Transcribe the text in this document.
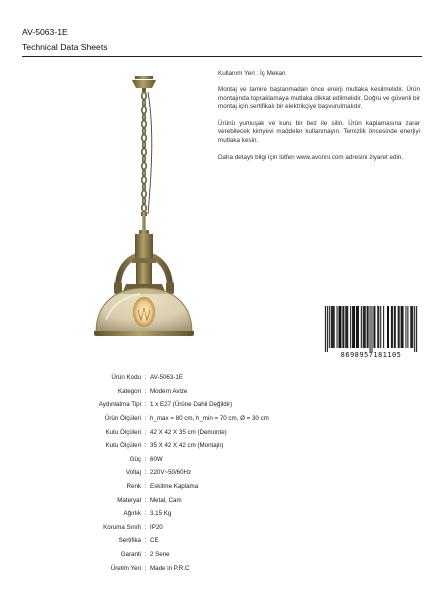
AV-5063-1E
Technical Data Sheets

Kullanım Yeri : İç Mekan

Montaj ve tamire başlanmadan önce enerji mutlaka kesilmelidir. Ürün montajında topraklamaya mutlaka dikkat edilmelidir. Doğru ve güvenli bir montaj için sertifikalı bir elektrikçiye başvurulmalıdır.

Ürünü yumuşak ve kuru bir bez ile silin. Ürün kaplamasına zarar verebilecek kimyevi maddeler kullanmayın. Temizlik öncesinde enerjiyi mutlaka kesin.

Daha detaylı bilgi için lütfen www.avonni.com adresini ziyaret edin.

8698957181105
Ürün Kodu : AV-5063-1E
Kategori : Modern Avize
Aydınlatma Tipi : 1 x E27 (Ürüne Dahil Değildir)
Ürün Ölçüleri : h_max = 80 cm, h_min = 70 cm, Ø = 30 cm
Kutu Ölçüleri : 42 X 42 X 35 cm (Demonte)
Kutu Ölçüleri : 35 X 42 X 42 cm (Montajlı)
Güç : 60W
Voltaj : 220V~50/60Hz
Renk : Eskitme Kaplama
Materyal : Metal, Cam
Ağırlık : 3.15 Kg
Koruma Sınıfı : IP20
Sertifika : CE
Garanti : 2 Sene
Üretim Yeri : Made in P.R.C
